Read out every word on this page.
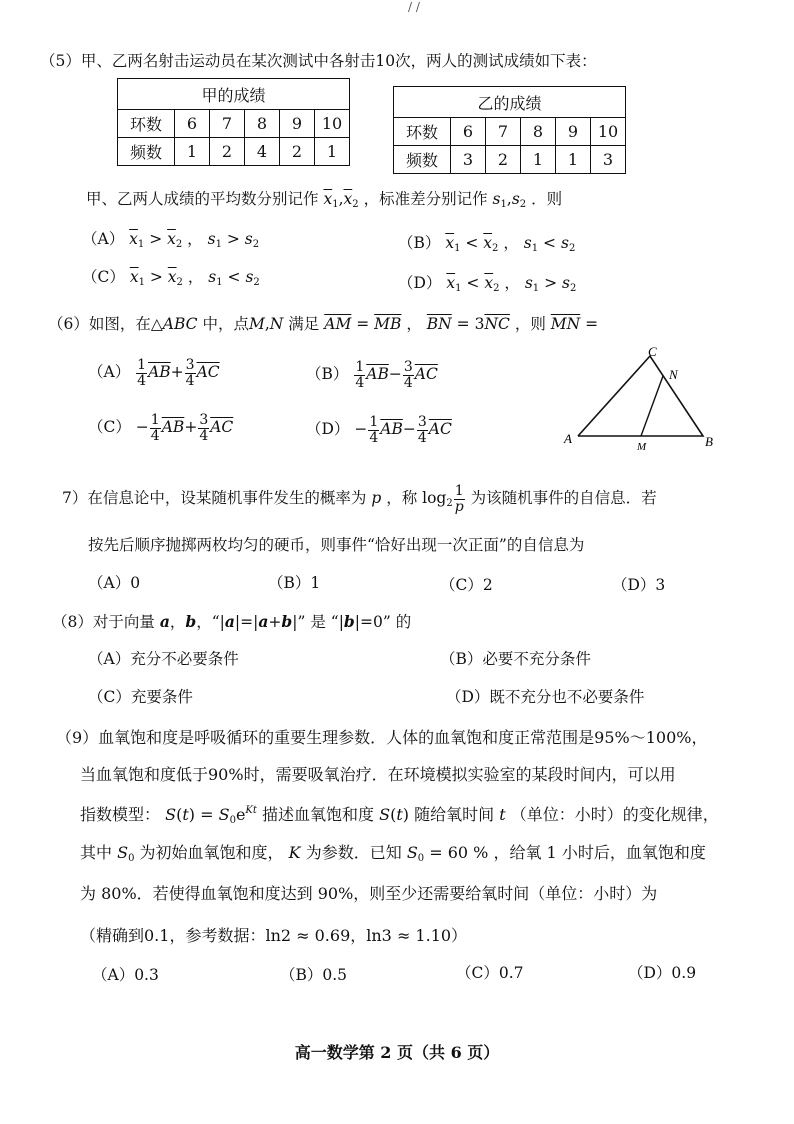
/ /
（5）甲、乙两名射击运动员在某次测试中各射击10次，两人的测试成绩如下表：
甲的成绩					
环数	6	7	8	9	10
频数	1	2	4	2	1
乙的成绩					
环数	6	7	8	9	10
频数	3	2	1	1	3
甲、乙两人成绩的平均数分别记作 $\overline{x}_1,\overline{x}_2$ ，标准差分别记作 $s_1,s_2$ ．则
（A） $\overline{x}_1 > \overline{x}_2$ ， $s_1 > s_2$	（B） $\overline{x}_1 < \overline{x}_2$ ， $s_1 < s_2$
（C） $\overline{x}_1 > \overline{x}_2$ ， $s_1 < s_2$	（D） $\overline{x}_1 < \overline{x}_2$ ， $s_1 > s_2$
（6）如图，在△ABC 中，点M,N 满足 $\overline{AM} = \overline{MB}$ ， $\overline{BN} = 3\overline{NC}$ ，则 $\overline{MN}$ =
$(A) \frac{1}{4} \overline{AB}+ \frac{3}{4} \overline{AC}$	$(B) \frac{1}{4} \overline{AB}- \frac{3}{4} \overline{AC}$
$(C) - \frac{1}{4} \overline{AB}+ \frac{3}{4} \overline{AC}$	$(D) - \frac{1}{4} \overline{AB}- \frac{3}{4} \overline{AC}$
C
N
A
M	B
7）在信息论中，设某随机事件发生的概率为 p ，称 $\log_2 \frac{1}{p}$ 为该随机事件的自信息．若
按先后顺序抛掷两枚均匀的硬币，则事件“恰好出现一次正面”的自信息为
（A）0	（B）1	（C）2	（D）3
（8）对于向量 a，b，“|a|=|a+b|” 是 “|b|=0” 的
（A）充分不必要条件	（B）必要不充分条件
（C）充要条件	（D）既不充分也不必要条件
（9）血氧饱和度是呼吸循环的重要生理参数．人体的血氧饱和度正常范围是95%～100%，
当血氧饱和度低于90%时，需要吸氧治疗．在环境模拟实验室的某段时间内，可以用
指数模型： $S(t) = S_0e^{Kt}$ 描述血氧饱和度 S(t) 随给氧时间 t （单位：小时）的变化规律，
其中 $S_0$ 为初始血氧饱和度， K 为参数．已知 $S_0 = 60$ % ，给氧 1 小时后，血氧饱和度
为 80%．若使得血氧饱和度达到 90%，则至少还需要给氧时间（单位：小时）为
（精确到0.1，参考数据：ln2 ≈ 0.69，ln3 ≈ 1.10）
（A）0.3	（B）0.5	（C）0.7	（D）0.9
高一数学第 2 页（共 6 页）
